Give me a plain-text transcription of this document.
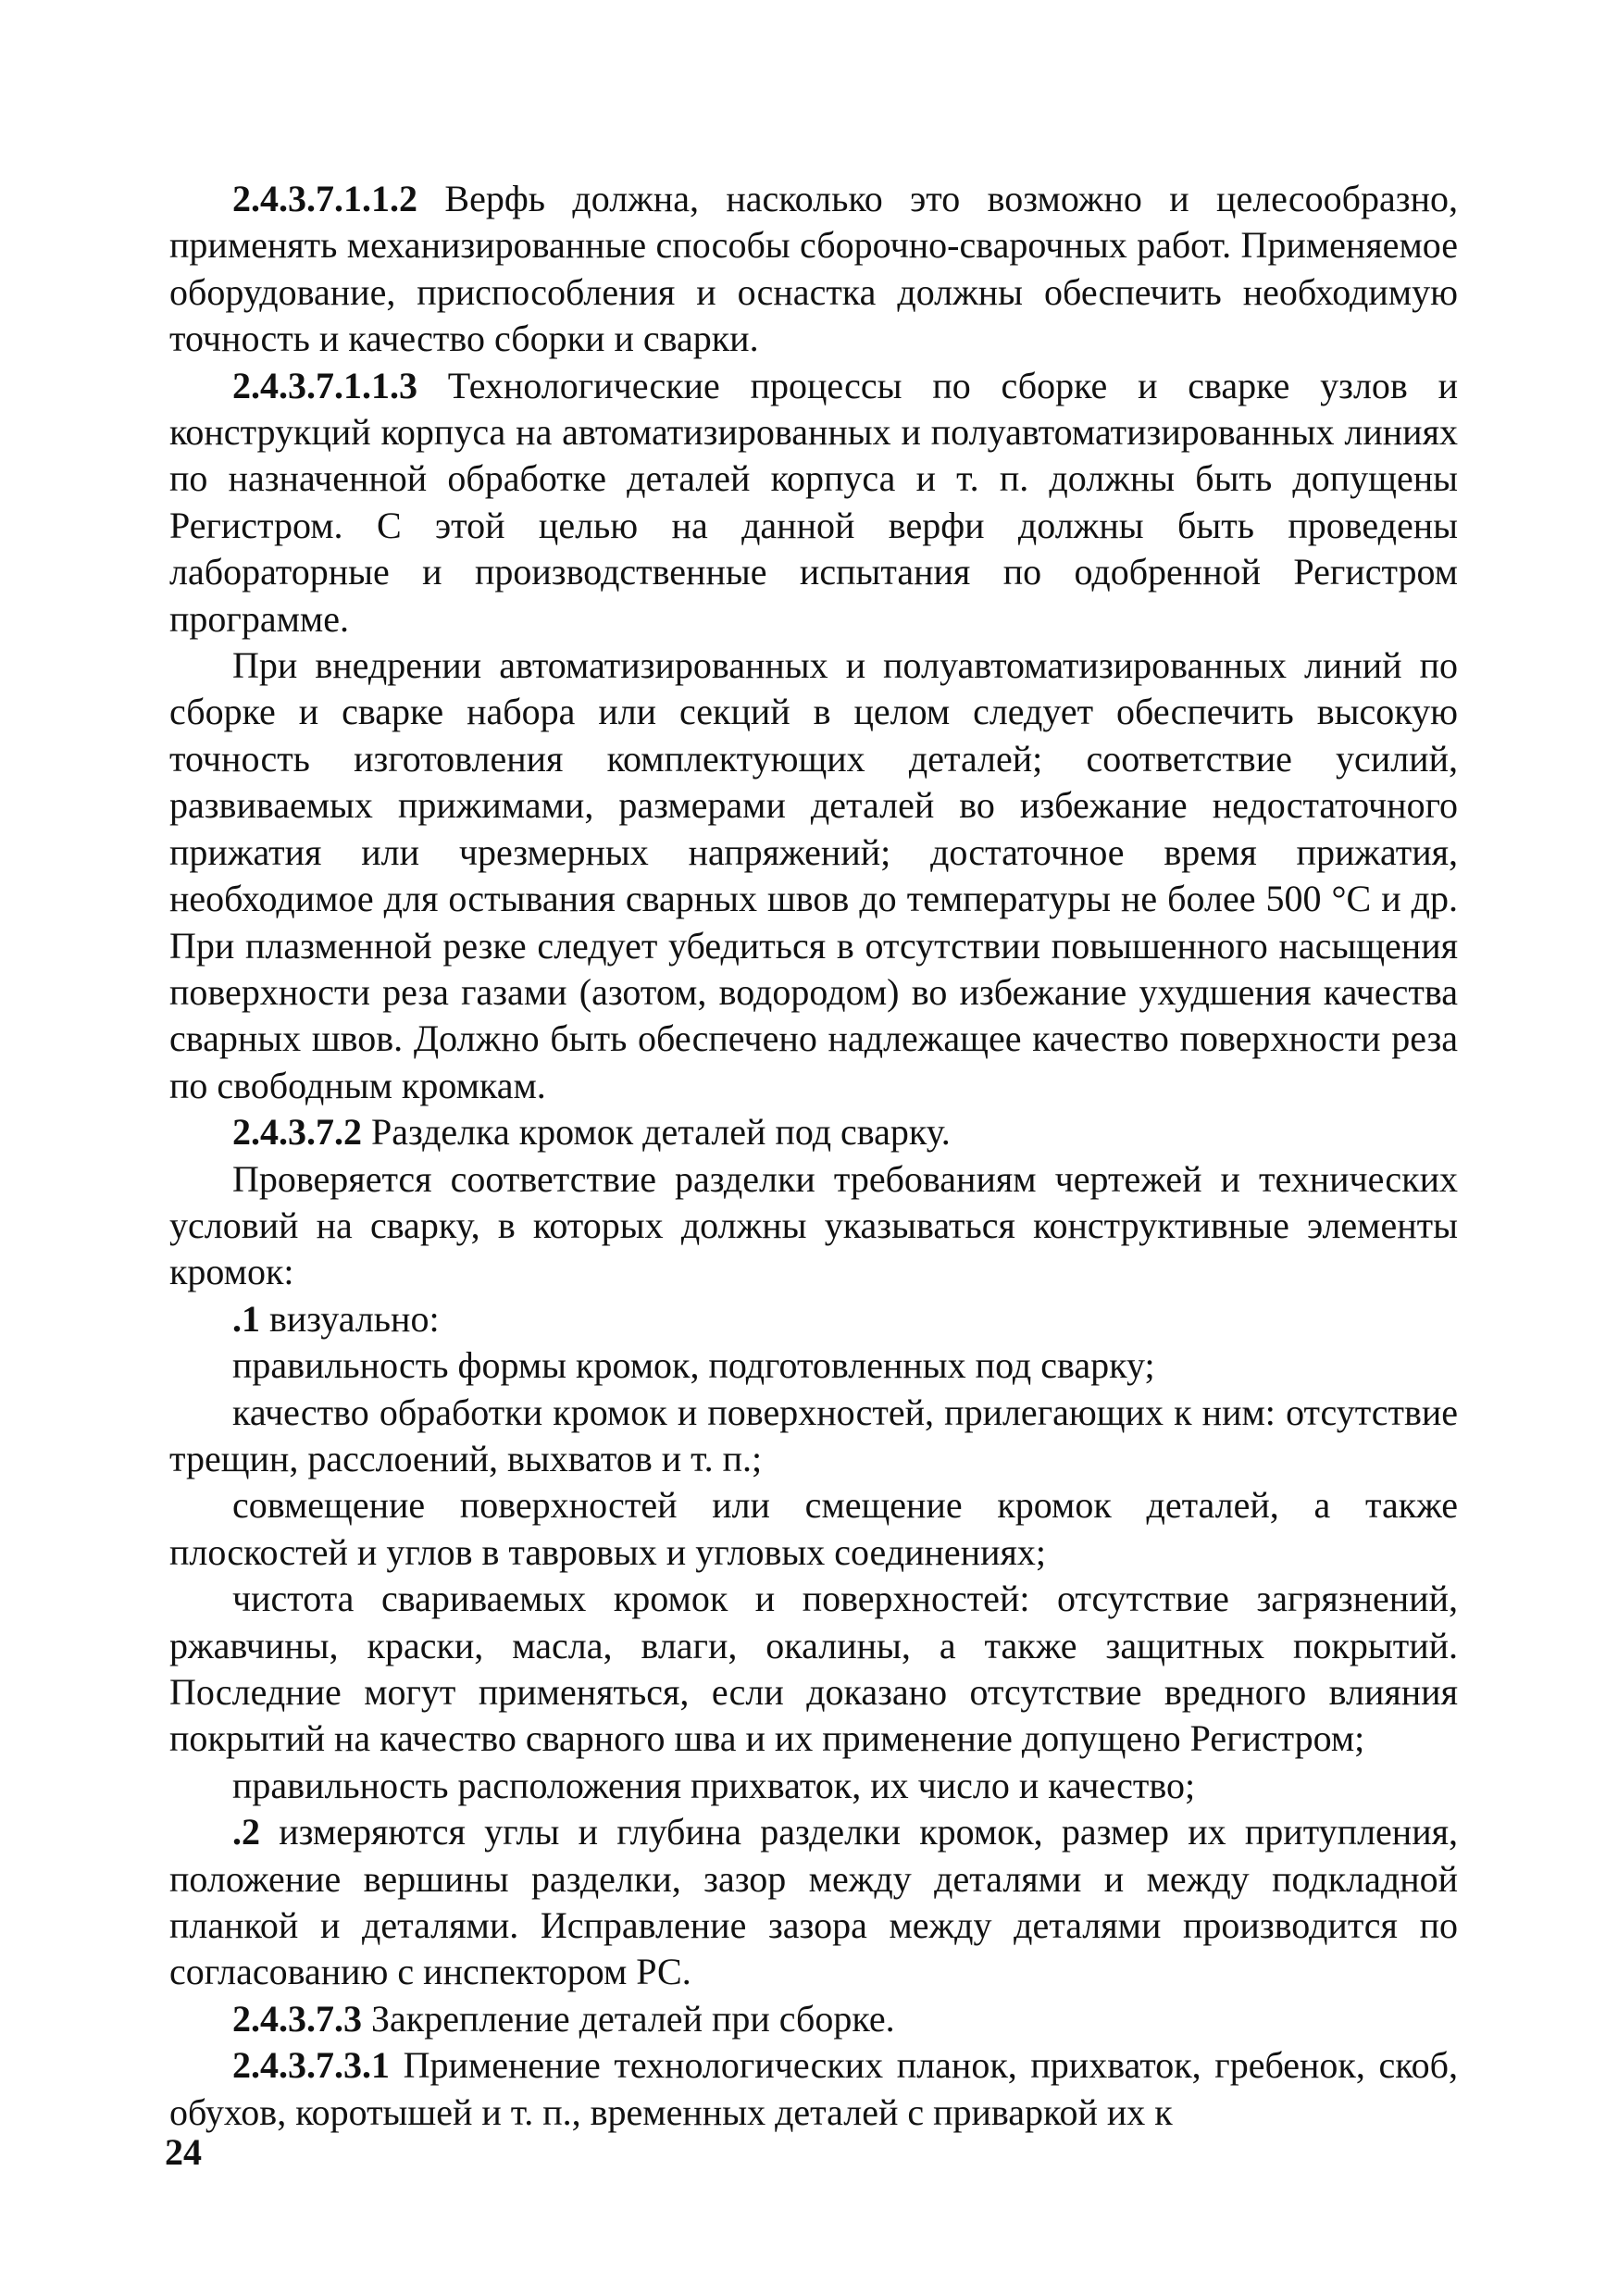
2.4.3.7.1.1.2 Верфь должна, насколько это возможно и целесообразно, применять механизированные способы сборочно-сварочных работ. Применяемое оборудование, приспособления и оснастка должны обеспечить необходимую точность и качество сборки и сварки.

2.4.3.7.1.1.3 Технологические процессы по сборке и сварке узлов и конструкций корпуса на автоматизированных и полуавтоматизированных линиях по назначенной обработке деталей корпуса и т. п. должны быть допущены Регистром. С этой целью на данной верфи должны быть проведены лабораторные и производственные испытания по одобренной Регистром программе.

При внедрении автоматизированных и полуавтоматизированных линий по сборке и сварке набора или секций в целом следует обеспечить высокую точность изготовления комплектующих деталей; соответствие усилий, развиваемых прижимами, размерами деталей во избежание недостаточного прижатия или чрезмерных напряжений; достаточное время прижатия, необходимое для остывания сварных швов до температуры не более 500 °С и др. При плазменной резке следует убедиться в отсутствии повышенного насыщения поверхности реза газами (азотом, водородом) во избежание ухудшения качества сварных швов. Должно быть обеспечено надлежащее качество поверхности реза по свободным кромкам.

2.4.3.7.2 Разделка кромок деталей под сварку.

Проверяется соответствие разделки требованиям чертежей и технических условий на сварку, в которых должны указываться конструктивные элементы кромок:

.1 визуально:

правильность формы кромок, подготовленных под сварку;

качество обработки кромок и поверхностей, прилегающих к ним: отсутствие трещин, расслоений, выхватов и т. п.;

совмещение поверхностей или смещение кромок деталей, а также плоскостей и углов в тавровых и угловых соединениях;

чистота свариваемых кромок и поверхностей: отсутствие загрязнений, ржавчины, краски, масла, влаги, окалины, а также защитных покрытий. Последние могут применяться, если доказано отсутствие вредного влияния покрытий на качество сварного шва и их применение допущено Регистром;

правильность расположения прихваток, их число и качество;

.2 измеряются углы и глубина разделки кромок, размер их притупления, положение вершины разделки, зазор между деталями и между подкладной планкой и деталями. Исправление зазора между деталями производится по согласованию с инспектором РС.

2.4.3.7.3 Закрепление деталей при сборке.

2.4.3.7.3.1 Применение технологических планок, прихваток, гребенок, скоб, обухов, коротышей и т. п., временных деталей с приваркой их к

24
